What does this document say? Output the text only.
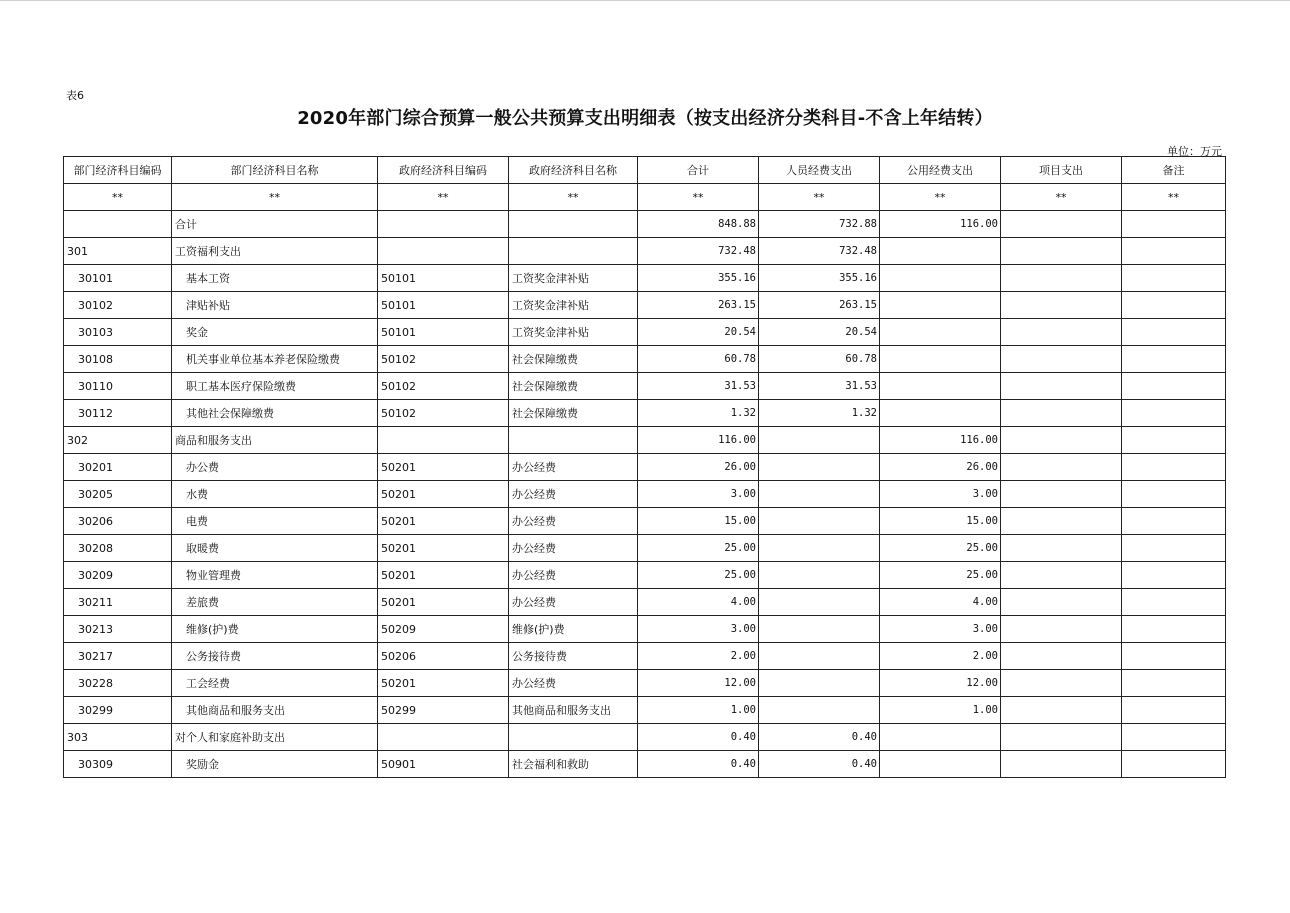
表6
2020年部门综合预算一般公共预算支出明细表（按支出经济分类科目-不含上年结转）
单位：万元
部门经济科目编码	部门经济科目名称	政府经济科目编码	政府经济科目名称	合计	人员经费支出	公用经费支出	项目支出	备注
**	**	**	**	**	**	**	**	**
	合计			848.88	732.88	116.00		
301	工资福利支出			732.48	732.48			
30101	基本工资	50101	工资奖金津补贴	355.16	355.16			
30102	津贴补贴	50101	工资奖金津补贴	263.15	263.15			
30103	奖金	50101	工资奖金津补贴	20.54	20.54			
30108	机关事业单位基本养老保险缴费	50102	社会保障缴费	60.78	60.78			
30110	职工基本医疗保险缴费	50102	社会保障缴费	31.53	31.53			
30112	其他社会保障缴费	50102	社会保障缴费	1.32	1.32			
302	商品和服务支出			116.00		116.00		
30201	办公费	50201	办公经费	26.00		26.00		
30205	水费	50201	办公经费	3.00		3.00		
30206	电费	50201	办公经费	15.00		15.00		
30208	取暖费	50201	办公经费	25.00		25.00		
30209	物业管理费	50201	办公经费	25.00		25.00		
30211	差旅费	50201	办公经费	4.00		4.00		
30213	维修(护)费	50209	维修(护)费	3.00		3.00		
30217	公务接待费	50206	公务接待费	2.00		2.00		
30228	工会经费	50201	办公经费	12.00		12.00		
30299	其他商品和服务支出	50299	其他商品和服务支出	1.00		1.00		
303	对个人和家庭补助支出			0.40	0.40			
30309	奖励金	50901	社会福利和救助	0.40	0.40			
